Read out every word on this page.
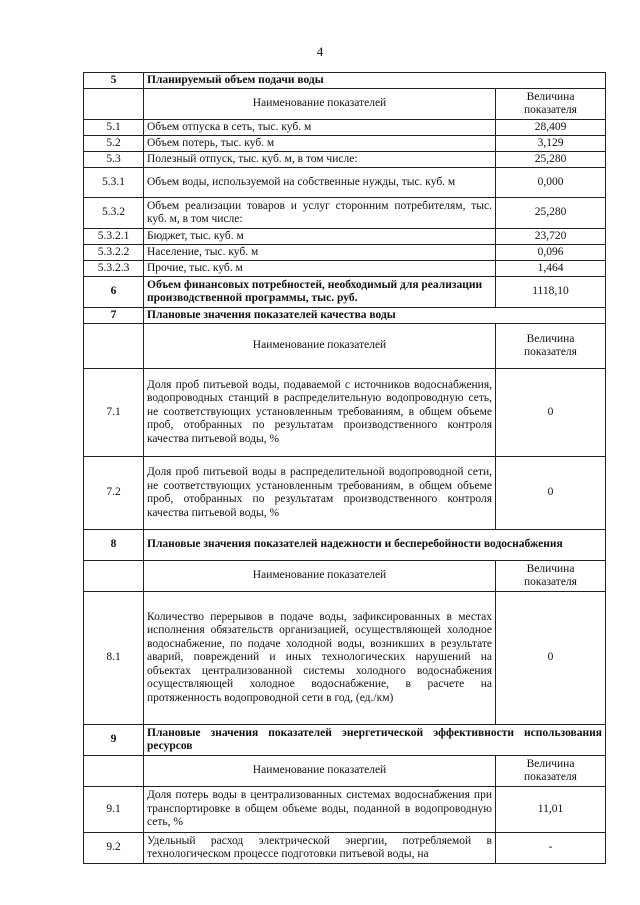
4
5	Планируемый объем подачи воды	
	Наименование показателей	Величина показателя
5.1	Объем отпуска в сеть, тыс. куб. м	28,409
5.2	Объем потерь, тыс. куб. м	3,129
5.3	Полезный отпуск, тыс. куб. м, в том числе:	25,280
5.3.1	Объем воды, используемой на собственные нужды, тыс. куб. м	0,000
5.3.2	Объем реализации товаров и услуг сторонним потребителям, тыс. куб. м, в том числе:	25,280
5.3.2.1	Бюджет, тыс. куб. м	23,720
5.3.2.2	Население, тыс. куб. м	0,096
5.3.2.3	Прочие, тыс. куб. м	1,464
6	Объем финансовых потребностей, необходимый для реализации производственной программы, тыс. руб.	1118,10
7	Плановые значения показателей качества воды	
	Наименование показателей	Величина показателя
7.1	Доля проб питьевой воды, подаваемой с источников водоснабжения, водопроводных станций в распределительную водопроводную сеть, не соответствующих установленным требованиям, в общем объеме проб, отобранных по результатам производственного контроля качества питьевой воды, %	0
7.2	Доля проб питьевой воды в распределительной водопроводной сети, не соответствующих установленным требованиям, в общем объеме проб, отобранных по результатам производственного контроля качества питьевой воды, %	0
8	Плановые значения показателей надежности и бесперебойности водоснабжения	
	Наименование показателей	Величина показателя
8.1	Количество перерывов в подаче воды, зафиксированных в местах исполнения обязательств организацией, осуществляющей холодное водоснабжение, по подаче холодной воды, возникших в результате аварий, повреждений и иных технологических нарушений на объектах централизованной системы холодного водоснабжения осуществляющей холодное водоснабжение, в расчете на протяженность водопроводной сети в год, (ед./км)	0
9	Плановые значения показателей энергетической эффективности использования ресурсов	
	Наименование показателей	Величина показателя
9.1	Доля потерь воды в централизованных системах водоснабжения при транспортировке в общем объеме воды, поданной в водопроводную сеть, %	11,01
9.2	Удельный расход электрической энергии, потребляемой в технологическом процессе подготовки питьевой воды, на	-
